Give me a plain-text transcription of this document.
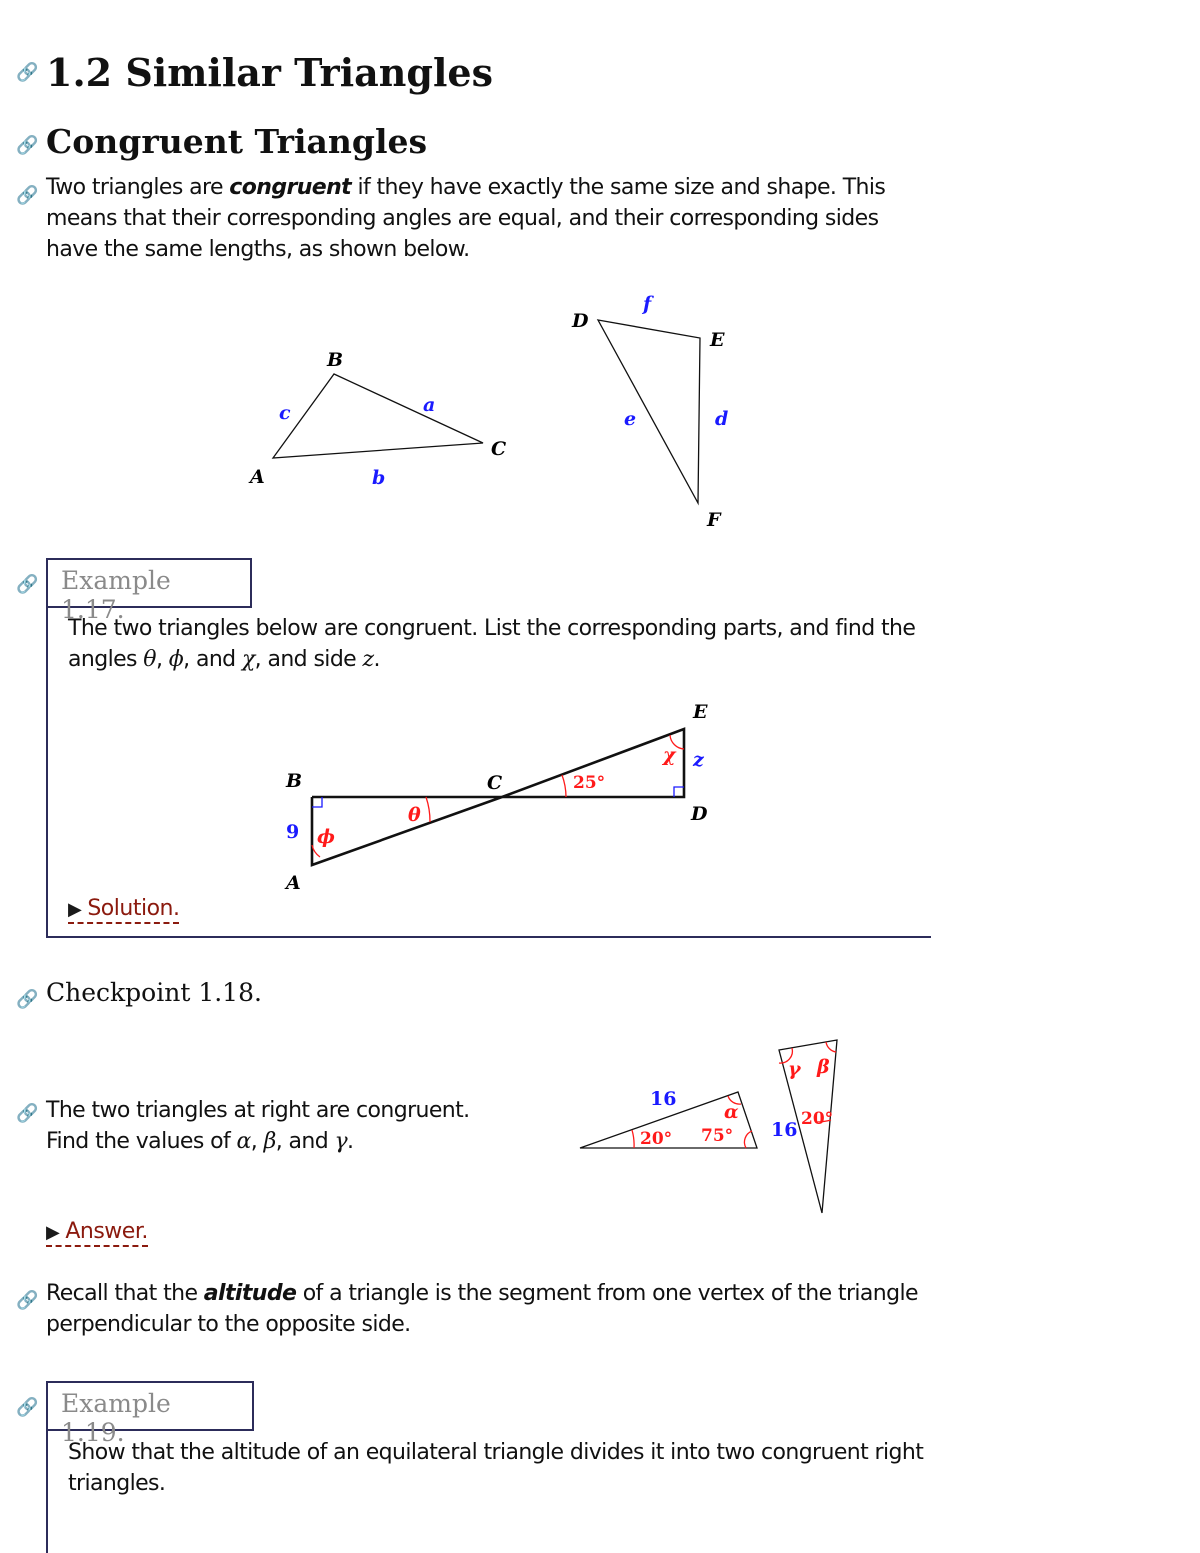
🔗
🔗
🔗
🔗
🔗
🔗
🔗
🔗
1.2 Similar Triangles
Congruent Triangles

Two triangles are congruent if they have exactly the same size and shape. This means that their corresponding angles are equal, and their corresponding sides have the same lengths, as shown below.

A
B
C
D
E
F
a
b
c	d
e
f
Example 1.17.

The two triangles below are congruent. List the corresponding parts, and find the angles θ, ϕ, and χ, and side z.

B	C
E
D
A
9
z
25°
θ
ϕ
χ
▶ Solution.
Checkpoint 1.18.

The two triangles at right are congruent.
Find the values of α, β, and γ.

16
20° 75°
α
16 20°
γ β
▶ Answer.

Recall that the altitude of a triangle is the segment from one vertex of the triangle perpendicular to the opposite side.

Example 1.19.

Show that the altitude of an equilateral triangle divides it into two congruent right triangles.
